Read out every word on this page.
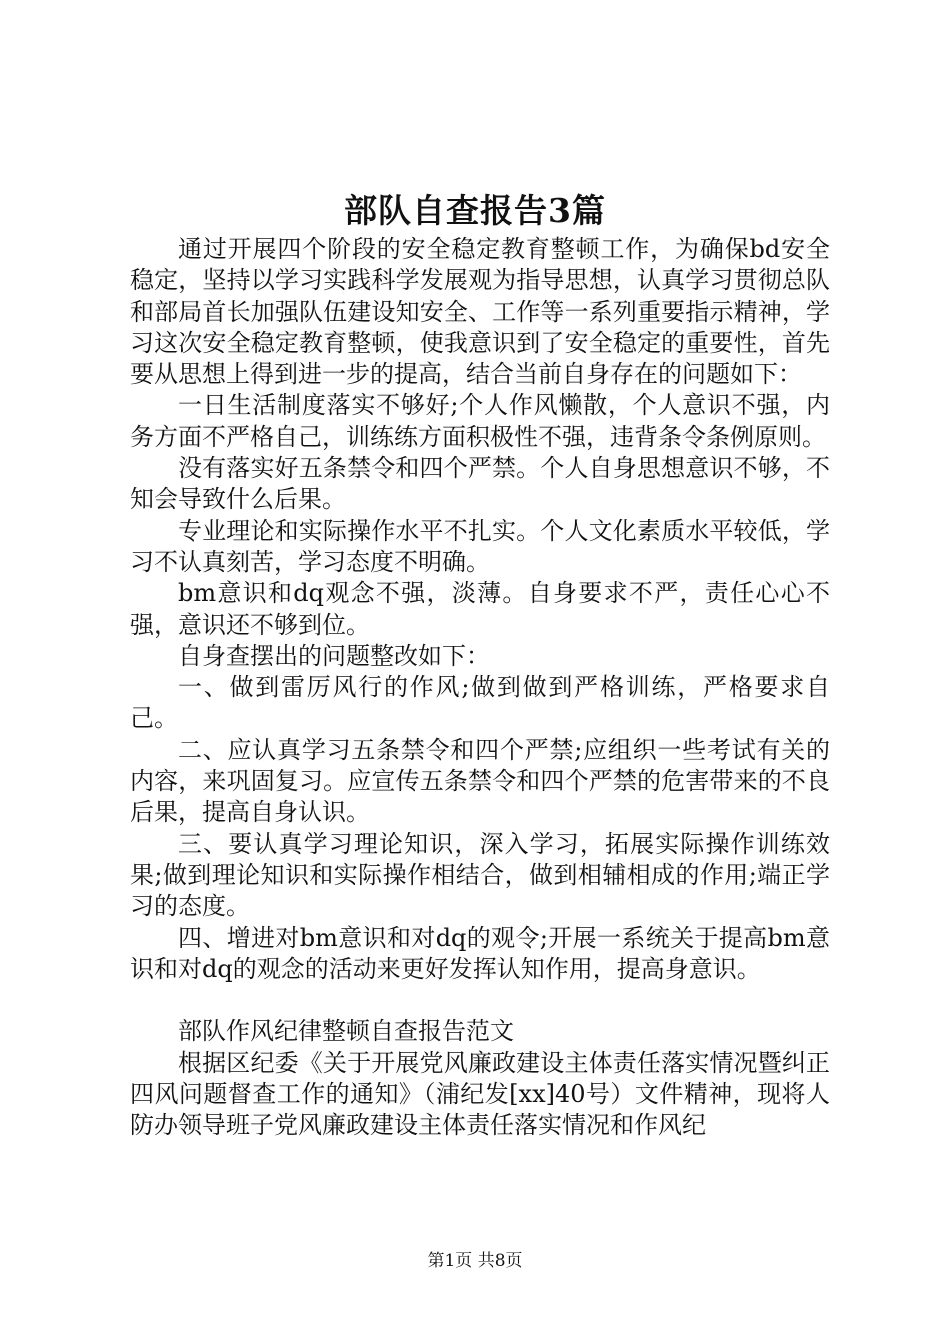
部队自查报告3篇

通过开展四个阶段的安全稳定教育整顿工作，为确保bd安全稳定，坚持以学习实践科学发展观为指导思想，认真学习贯彻总队和部局首长加强队伍建设知安全、工作等一系列重要指示精神，学习这次安全稳定教育整顿，使我意识到了安全稳定的重要性，首先要从思想上得到进一步的提高，结合当前自身存在的问题如下：

一日生活制度落实不够好;个人作风懒散，个人意识不强，内务方面不严格自己，训练练方面积极性不强，违背条令条例原则。

没有落实好五条禁令和四个严禁。个人自身思想意识不够，不知会导致什么后果。

专业理论和实际操作水平不扎实。个人文化素质水平较低，学习不认真刻苦，学习态度不明确。

bm意识和dq观念不强，淡薄。自身要求不严，责任心心不强，意识还不够到位。

自身查摆出的问题整改如下：

一、做到雷厉风行的作风;做到做到严格训练，严格要求自己。

二、应认真学习五条禁令和四个严禁;应组织一些考试有关的内容，来巩固复习。应宣传五条禁令和四个严禁的危害带来的不良后果，提高自身认识。

三、要认真学习理论知识，深入学习，拓展实际操作训练效果;做到理论知识和实际操作相结合，做到相辅相成的作用;端正学习的态度。

四、增进对bm意识和对dq的观令;开展一系统关于提高bm意识和对dq的观念的活动来更好发挥认知作用，提高身意识。

部队作风纪律整顿自查报告范文

根据区纪委《关于开展党风廉政建设主体责任落实情况暨纠正四风问题督查工作的通知》（浦纪发[xx]40号）文件精神，现将人防办领导班子党风廉政建设主体责任落实情况和作风纪

第1页 共8页
